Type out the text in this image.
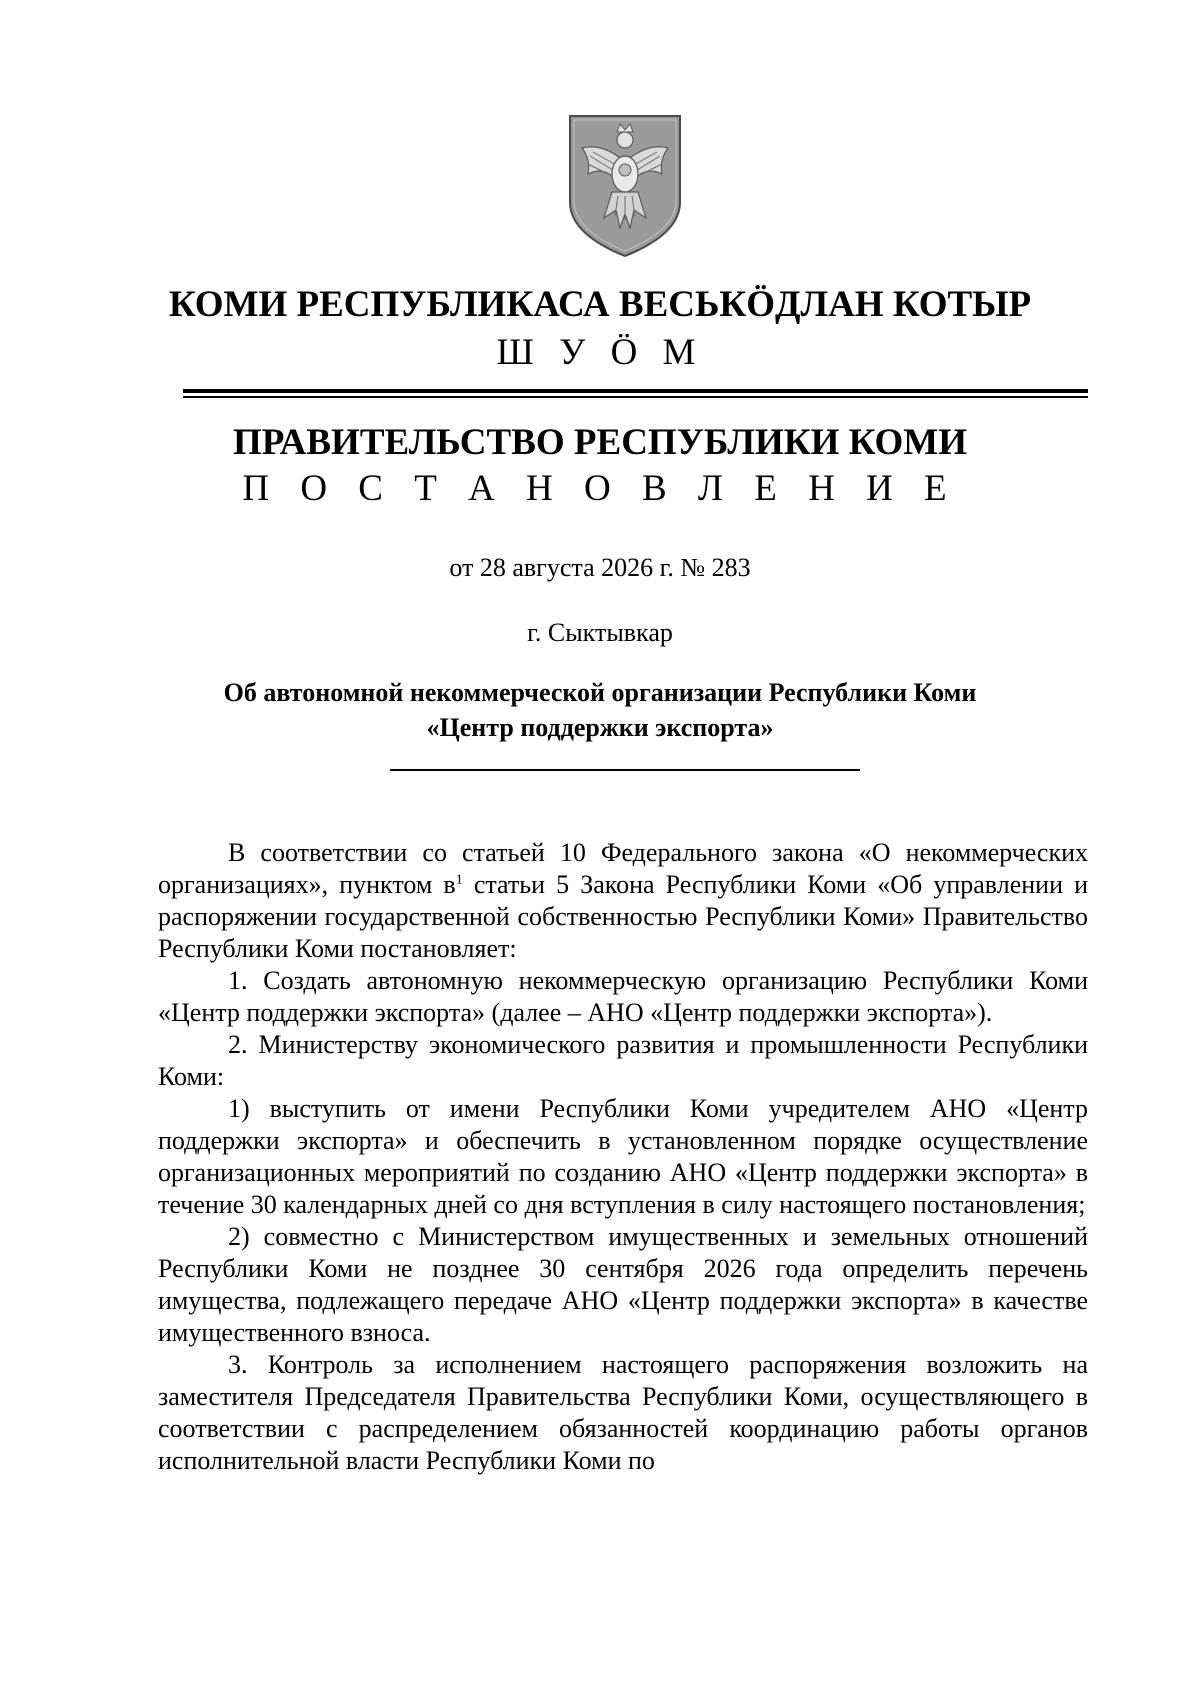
КОМИ РЕСПУБЛИКАСА ВЕСЬКӦДЛАН КОТЫР
Ш У Ӧ М
ПРАВИТЕЛЬСТВО РЕСПУБЛИКИ КОМИ
П О С Т А Н О В Л Е Н И Е
от 28 августа 2026 г. № 283
г. Сыктывкар
Об автономной некоммерческой организации Республики Коми
«Центр поддержки экспорта»

В соответствии со статьей 10 Федерального закона «О некоммерческих организациях», пунктом $в^1$ статьи 5 Закона Республики Коми «Об управлении и распоряжении государственной собственностью Республики Коми» Правительство Республики Коми постановляет:

1. Создать автономную некоммерческую организацию Республики Коми «Центр поддержки экспорта» (далее – АНО «Центр поддержки экспорта»).

2. Министерству экономического развития и промышленности Республики Коми:

1) выступить от имени Республики Коми учредителем АНО «Центр поддержки экспорта» и обеспечить в установленном порядке осуществление организационных мероприятий по созданию АНО «Центр поддержки экспорта» в течение 30 календарных дней со дня вступления в силу настоящего постановления;

2) совместно с Министерством имущественных и земельных отношений Республики Коми не позднее 30 сентября 2026 года определить перечень имущества, подлежащего передаче АНО «Центр поддержки экспорта» в качестве имущественного взноса.

3. Контроль за исполнением настоящего распоряжения возложить на заместителя Председателя Правительства Республики Коми, осуществляющего в соответствии с распределением обязанностей координацию работы органов исполнительной власти Республики Коми по
